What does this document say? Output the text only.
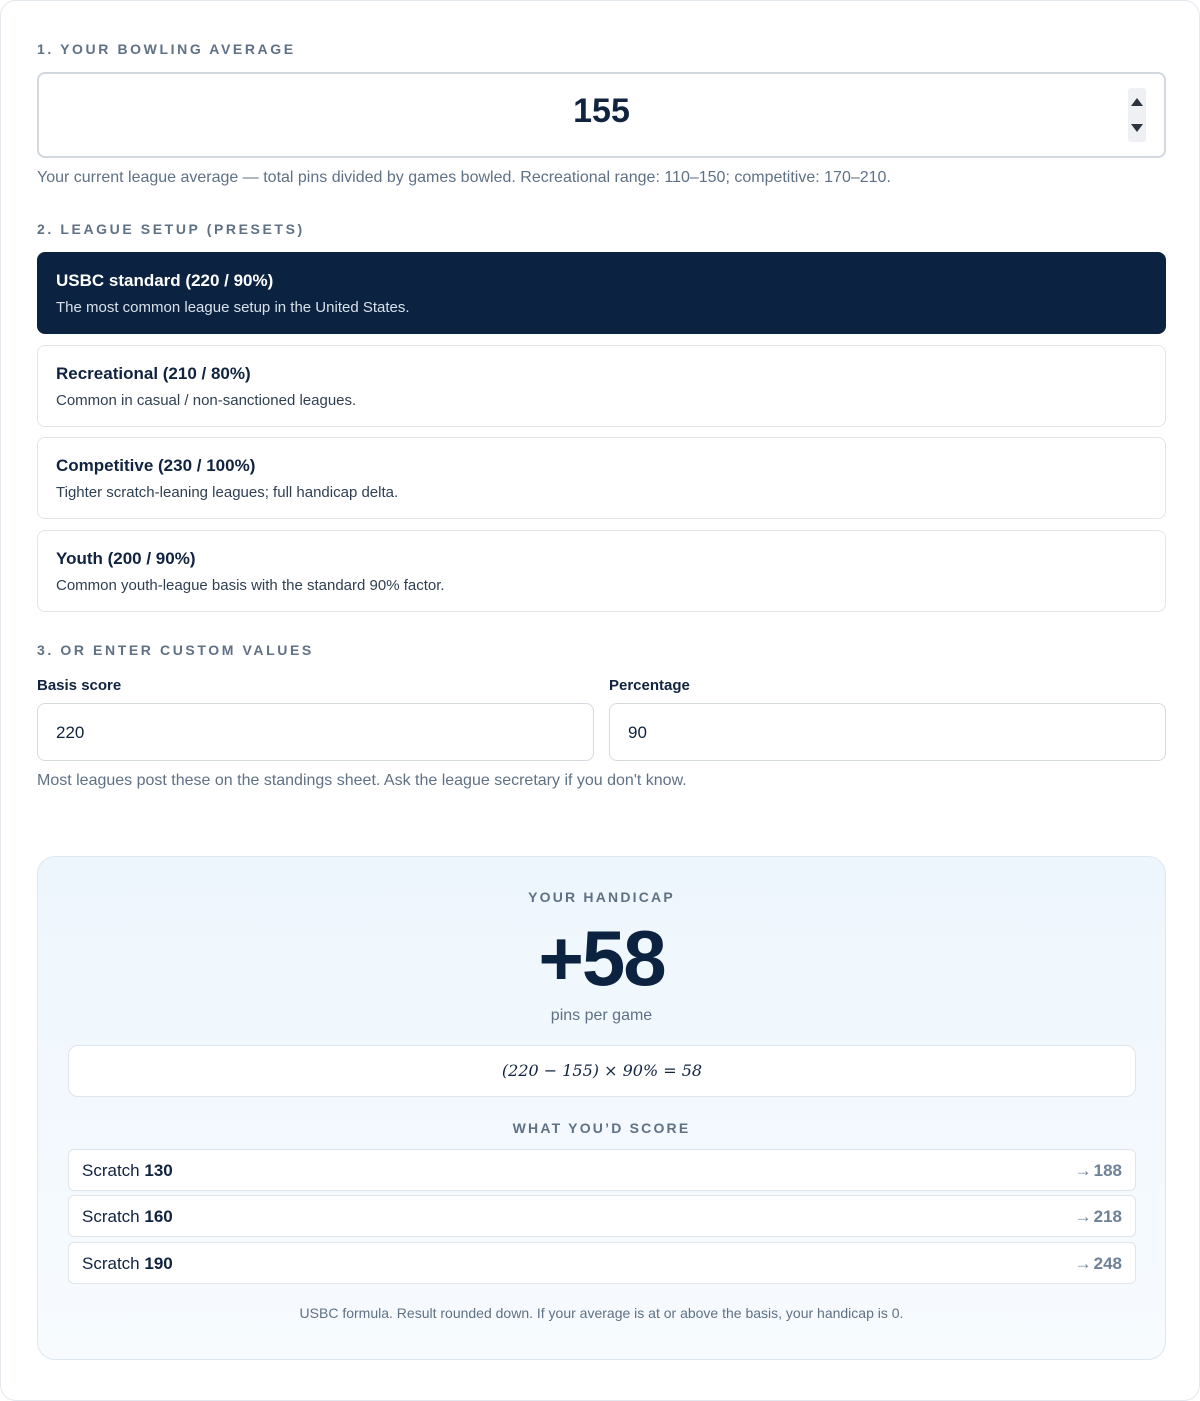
1. YOUR BOWLING AVERAGE
155
Your current league average — total pins divided by games bowled. Recreational range: 110–150; competitive: 170–210.
2. LEAGUE SETUP (PRESETS)
USBC standard (220 / 90%)
The most common league setup in the United States.
Recreational (210 / 80%)
Common in casual / non-sanctioned leagues.
Competitive (230 / 100%)
Tighter scratch-leaning leagues; full handicap delta.
Youth (200 / 90%)
Common youth-league basis with the standard 90% factor.
3. OR ENTER CUSTOM VALUES
Basis score
220
Percentage
90
Most leagues post these on the standings sheet. Ask the league secretary if you don't know.
YOUR HANDICAP
+58
pins per game
(220 − 155) × 90% = 58
WHAT YOU’D SCORE
Scratch 130	→ 188
Scratch 160	→ 218
Scratch 190	→ 248
USBC formula. Result rounded down. If your average is at or above the basis, your handicap is 0.
